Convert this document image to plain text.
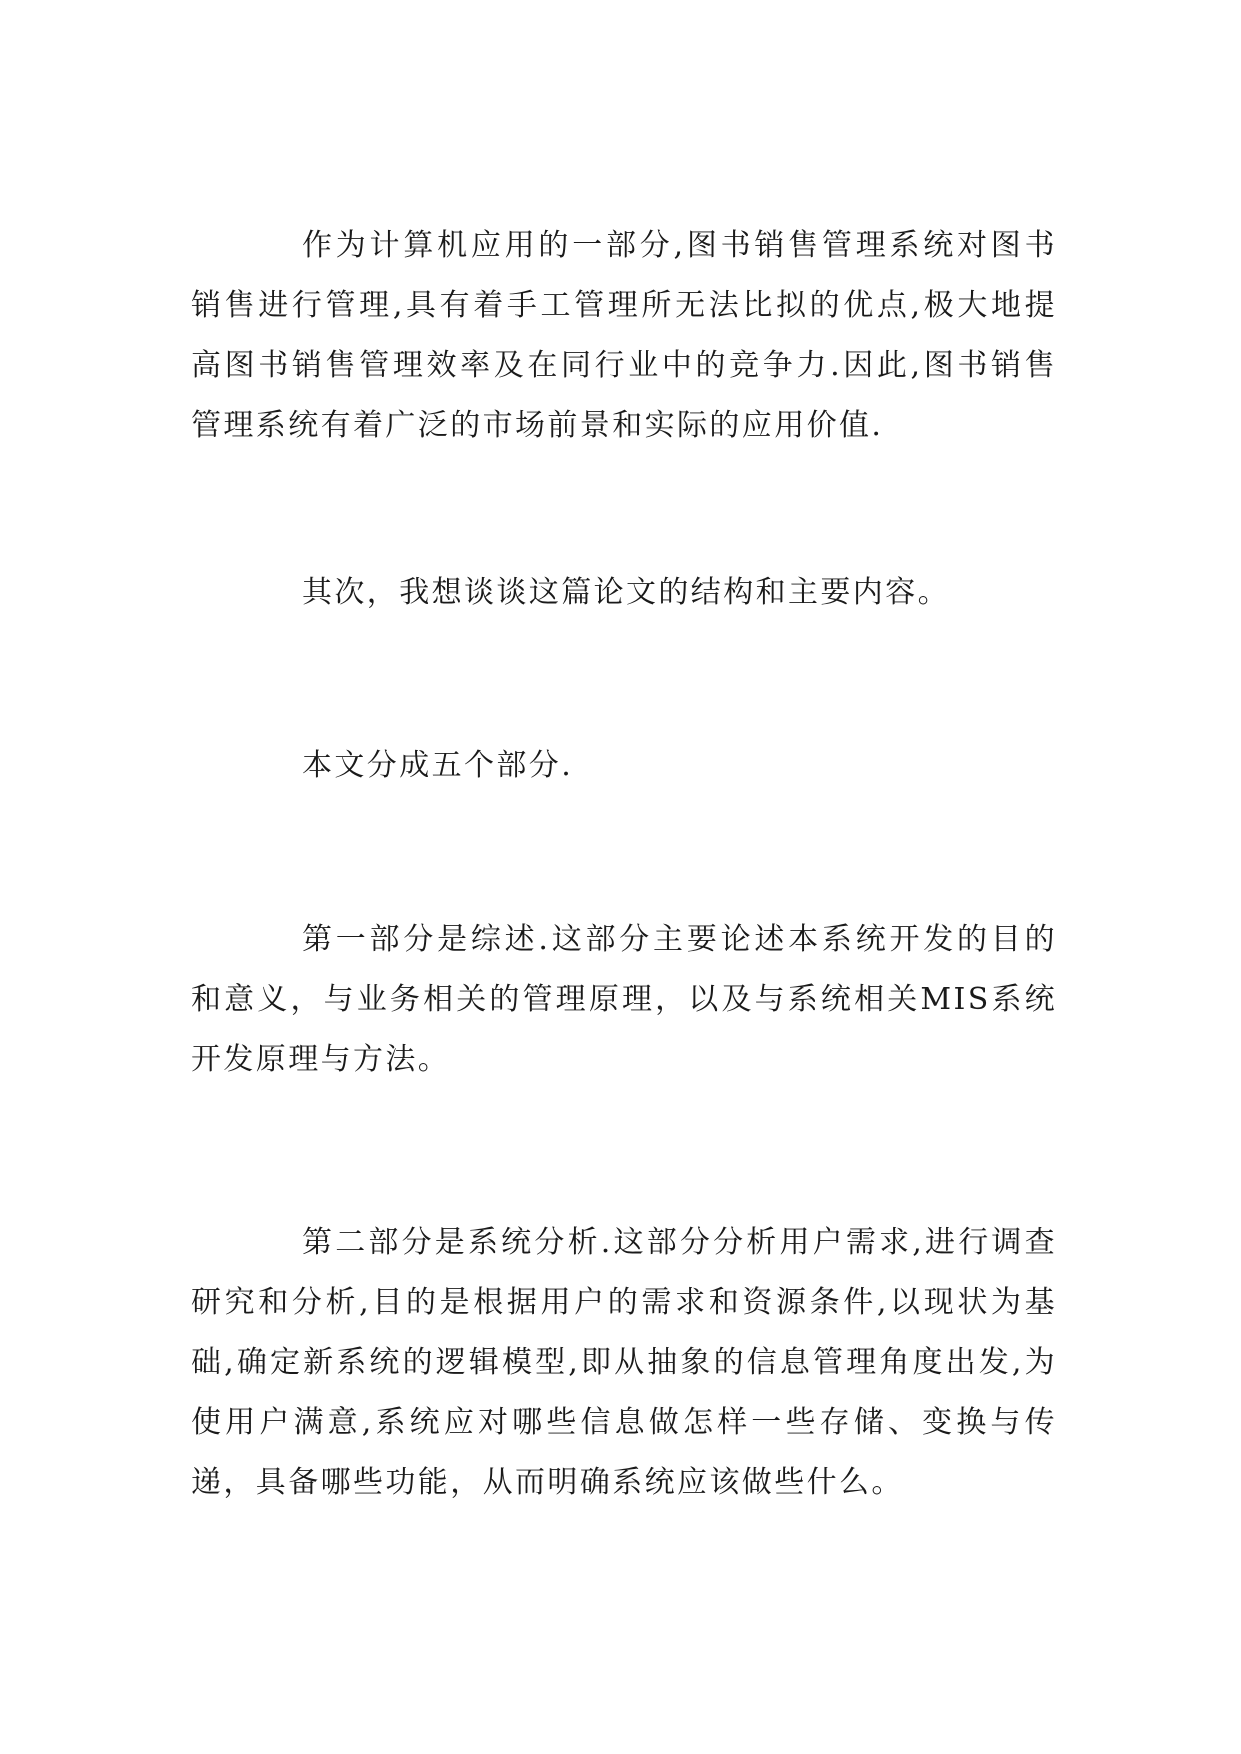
作为计算机应用的一部分,图书销售管理系统对图书销售进行管理,具有着手工管理所无法比拟的优点,极大地提高图书销售管理效率及在同行业中的竞争力.因此,图书销售管理系统有着广泛的市场前景和实际的应用价值.

其次，我想谈谈这篇论文的结构和主要内容。

本文分成五个部分.

第一部分是综述.这部分主要论述本系统开发的目的和意义，与业务相关的管理原理，以及与系统相关MIS系统开发原理与方法。

第二部分是系统分析.这部分分析用户需求,进行调查研究和分析,目的是根据用户的需求和资源条件,以现状为基础,确定新系统的逻辑模型,即从抽象的信息管理角度出发,为使用户满意,系统应对哪些信息做怎样一些存储、变换与传递，具备哪些功能，从而明确系统应该做些什么。
